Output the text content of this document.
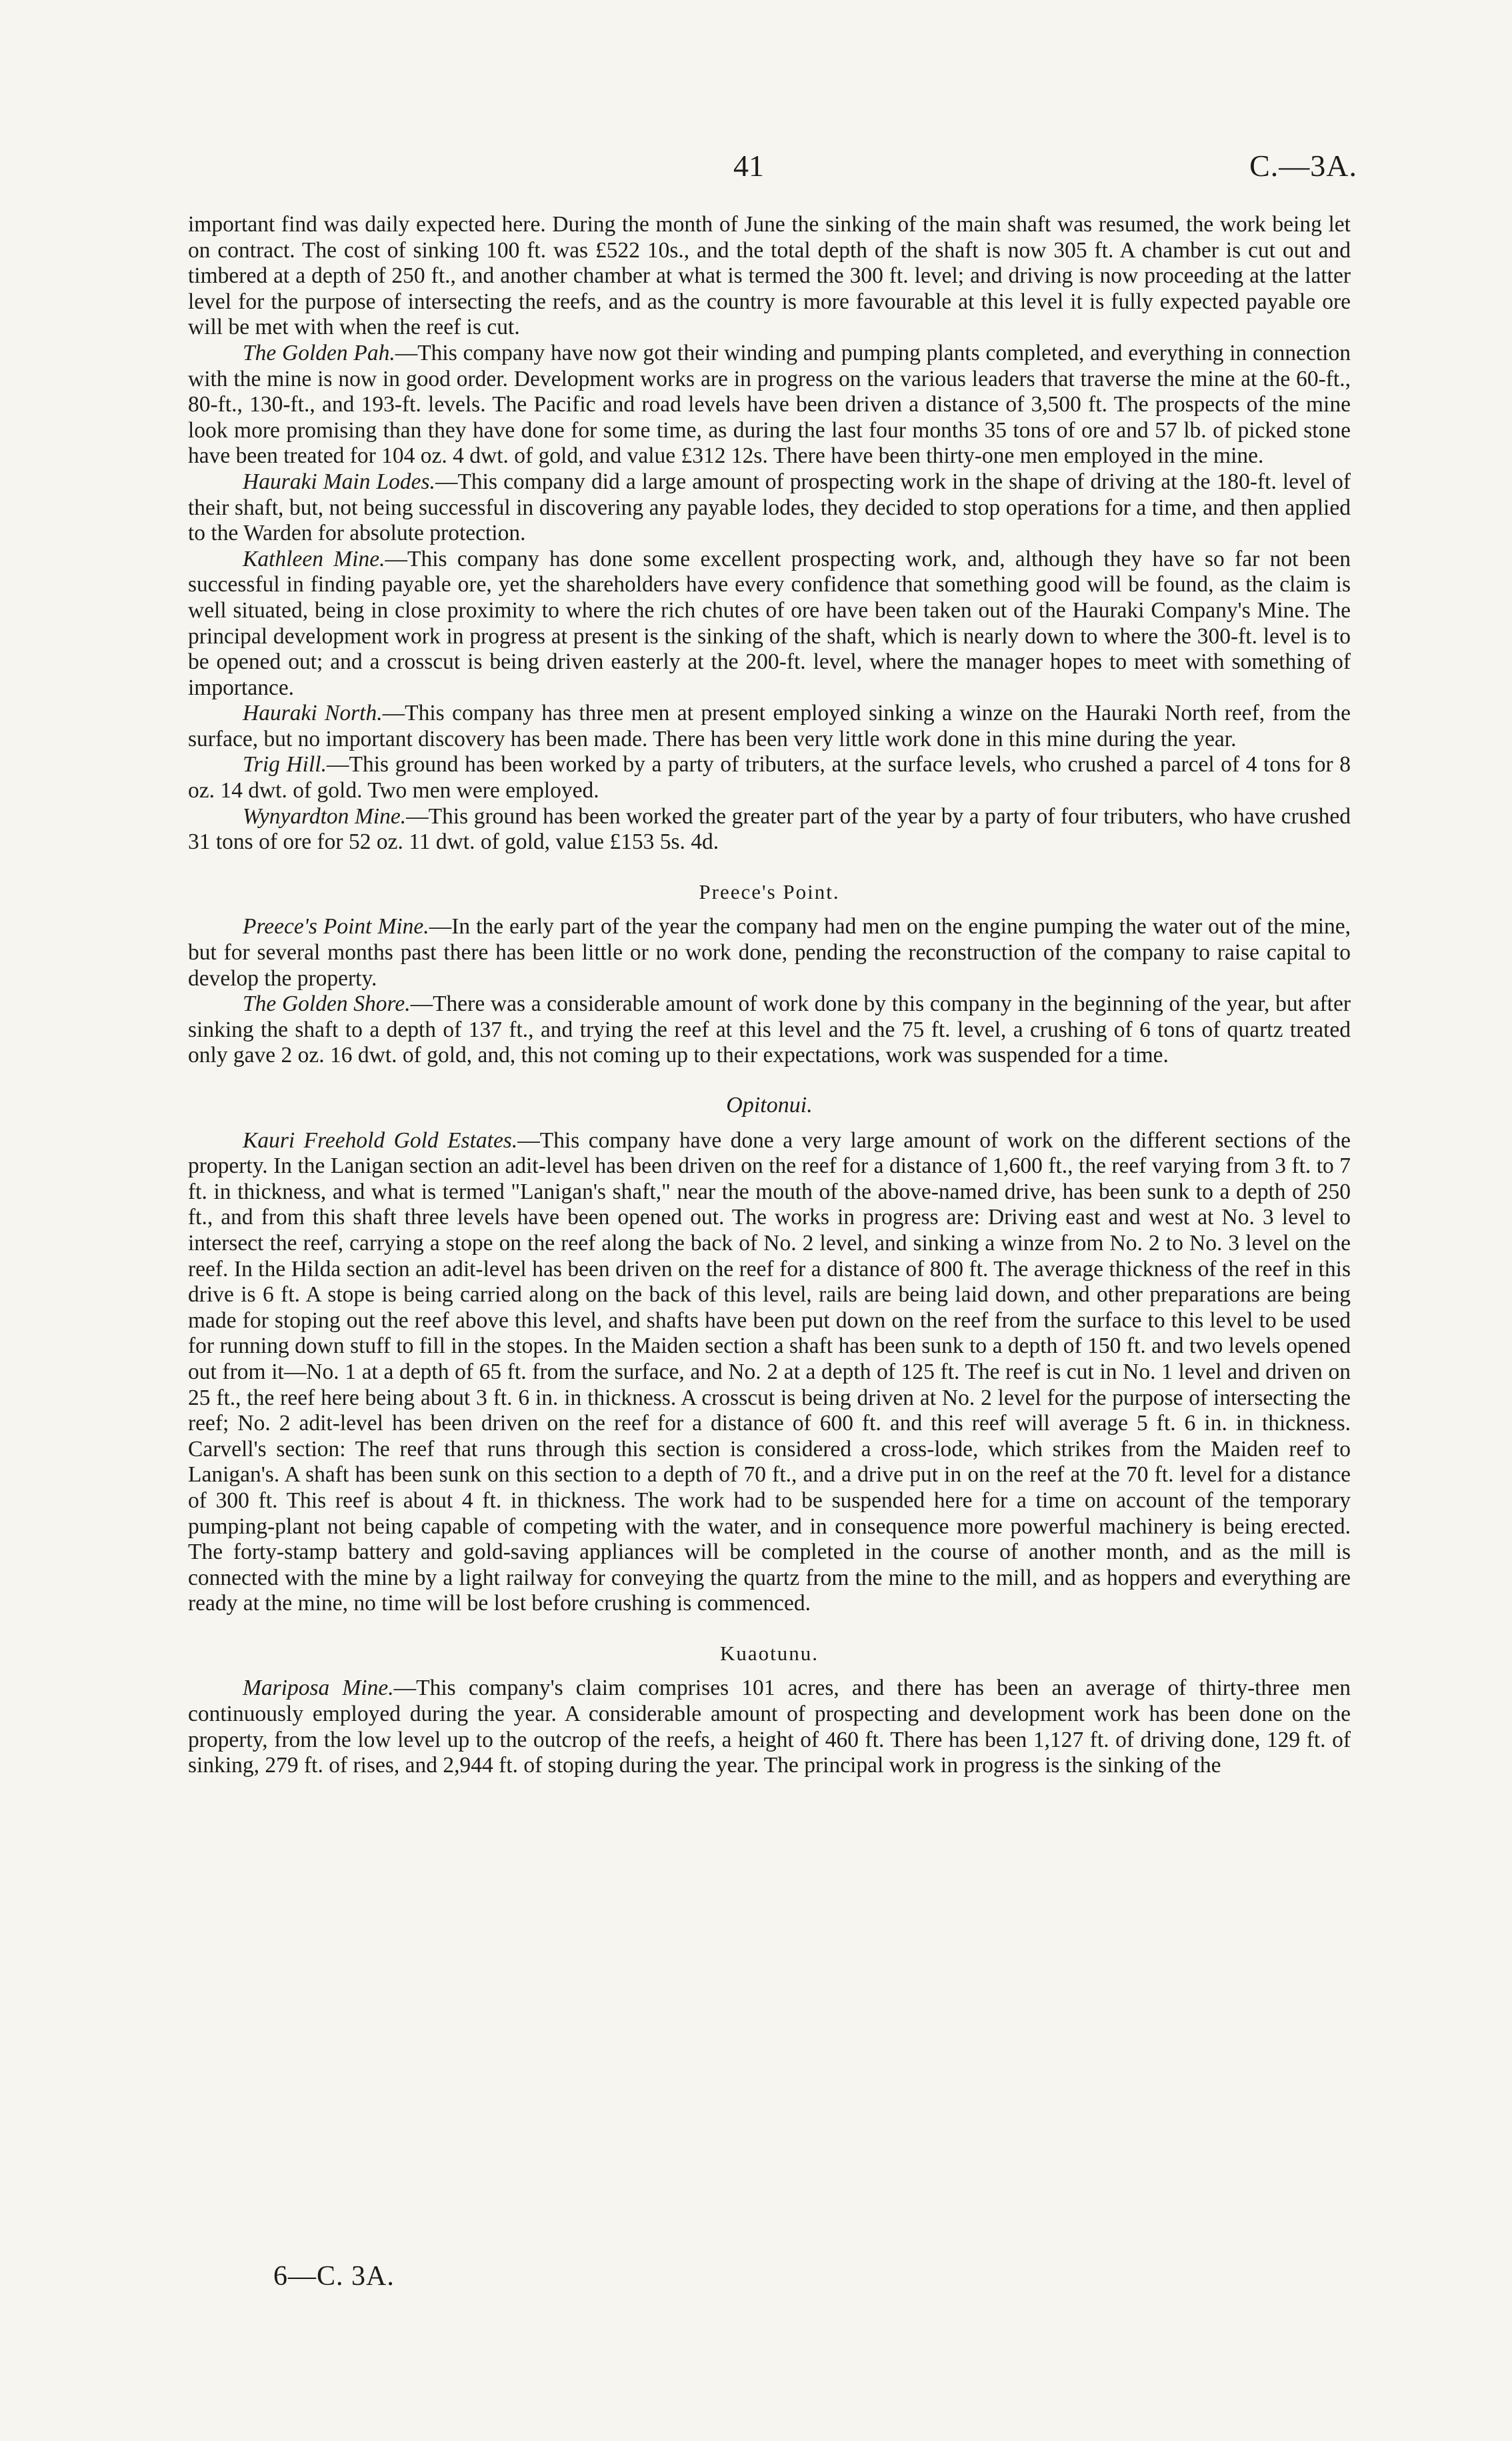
41	C.—3A.

important find was daily expected here. During the month of June the sinking of the main shaft was resumed, the work being let on contract. The cost of sinking 100 ft. was £522 10s., and the total depth of the shaft is now 305 ft. A chamber is cut out and timbered at a depth of 250 ft., and another chamber at what is termed the 300 ft. level; and driving is now proceeding at the latter level for the purpose of intersecting the reefs, and as the country is more favourable at this level it is fully expected payable ore will be met with when the reef is cut.

The Golden Pah.—This company have now got their winding and pumping plants completed, and everything in connection with the mine is now in good order. Development works are in progress on the various leaders that traverse the mine at the 60-ft., 80-ft., 130-ft., and 193-ft. levels. The Pacific and road levels have been driven a distance of 3,500 ft. The prospects of the mine look more promising than they have done for some time, as during the last four months 35 tons of ore and 57 lb. of picked stone have been treated for 104 oz. 4 dwt. of gold, and value £312 12s. There have been thirty-one men employed in the mine.

Hauraki Main Lodes.—This company did a large amount of prospecting work in the shape of driving at the 180-ft. level of their shaft, but, not being successful in discovering any payable lodes, they decided to stop operations for a time, and then applied to the Warden for absolute protection.

Kathleen Mine.—This company has done some excellent prospecting work, and, although they have so far not been successful in finding payable ore, yet the shareholders have every confidence that something good will be found, as the claim is well situated, being in close proximity to where the rich chutes of ore have been taken out of the Hauraki Company's Mine. The principal development work in progress at present is the sinking of the shaft, which is nearly down to where the 300-ft. level is to be opened out; and a crosscut is being driven easterly at the 200-ft. level, where the manager hopes to meet with something of importance.

Hauraki North.—This company has three men at present employed sinking a winze on the Hauraki North reef, from the surface, but no important discovery has been made. There has been very little work done in this mine during the year.

Trig Hill.—This ground has been worked by a party of tributers, at the surface levels, who crushed a parcel of 4 tons for 8 oz. 14 dwt. of gold. Two men were employed.

Wynyardton Mine.—This ground has been worked the greater part of the year by a party of four tributers, who have crushed 31 tons of ore for 52 oz. 11 dwt. of gold, value £153 5s. 4d.

Preece's Point.

Preece's Point Mine.—In the early part of the year the company had men on the engine pumping the water out of the mine, but for several months past there has been little or no work done, pending the reconstruction of the company to raise capital to develop the property.

The Golden Shore.—There was a considerable amount of work done by this company in the beginning of the year, but after sinking the shaft to a depth of 137 ft., and trying the reef at this level and the 75 ft. level, a crushing of 6 tons of quartz treated only gave 2 oz. 16 dwt. of gold, and, this not coming up to their expectations, work was suspended for a time.

Opitonui.

Kauri Freehold Gold Estates.—This company have done a very large amount of work on the different sections of the property. In the Lanigan section an adit-level has been driven on the reef for a distance of 1,600 ft., the reef varying from 3 ft. to 7 ft. in thickness, and what is termed "Lanigan's shaft," near the mouth of the above-named drive, has been sunk to a depth of 250 ft., and from this shaft three levels have been opened out. The works in progress are: Driving east and west at No. 3 level to intersect the reef, carrying a stope on the reef along the back of No. 2 level, and sinking a winze from No. 2 to No. 3 level on the reef. In the Hilda section an adit-level has been driven on the reef for a distance of 800 ft. The average thickness of the reef in this drive is 6 ft. A stope is being carried along on the back of this level, rails are being laid down, and other preparations are being made for stoping out the reef above this level, and shafts have been put down on the reef from the surface to this level to be used for running down stuff to fill in the stopes. In the Maiden section a shaft has been sunk to a depth of 150 ft. and two levels opened out from it—No. 1 at a depth of 65 ft. from the surface, and No. 2 at a depth of 125 ft. The reef is cut in No. 1 level and driven on 25 ft., the reef here being about 3 ft. 6 in. in thickness. A crosscut is being driven at No. 2 level for the purpose of intersecting the reef; No. 2 adit-level has been driven on the reef for a distance of 600 ft. and this reef will average 5 ft. 6 in. in thickness. Carvell's section: The reef that runs through this section is considered a cross-lode, which strikes from the Maiden reef to Lanigan's. A shaft has been sunk on this section to a depth of 70 ft., and a drive put in on the reef at the 70 ft. level for a distance of 300 ft. This reef is about 4 ft. in thickness. The work had to be suspended here for a time on account of the temporary pumping-plant not being capable of competing with the water, and in consequence more powerful machinery is being erected. The forty-stamp battery and gold-saving appliances will be completed in the course of another month, and as the mill is connected with the mine by a light railway for conveying the quartz from the mine to the mill, and as hoppers and everything are ready at the mine, no time will be lost before crushing is commenced.

Kuaotunu.

Mariposa Mine.—This company's claim comprises 101 acres, and there has been an average of thirty-three men continuously employed during the year. A considerable amount of prospecting and development work has been done on the property, from the low level up to the outcrop of the reefs, a height of 460 ft. There has been 1,127 ft. of driving done, 129 ft. of sinking, 279 ft. of rises, and 2,944 ft. of stoping during the year. The principal work in progress is the sinking of the

6—C. 3A.
